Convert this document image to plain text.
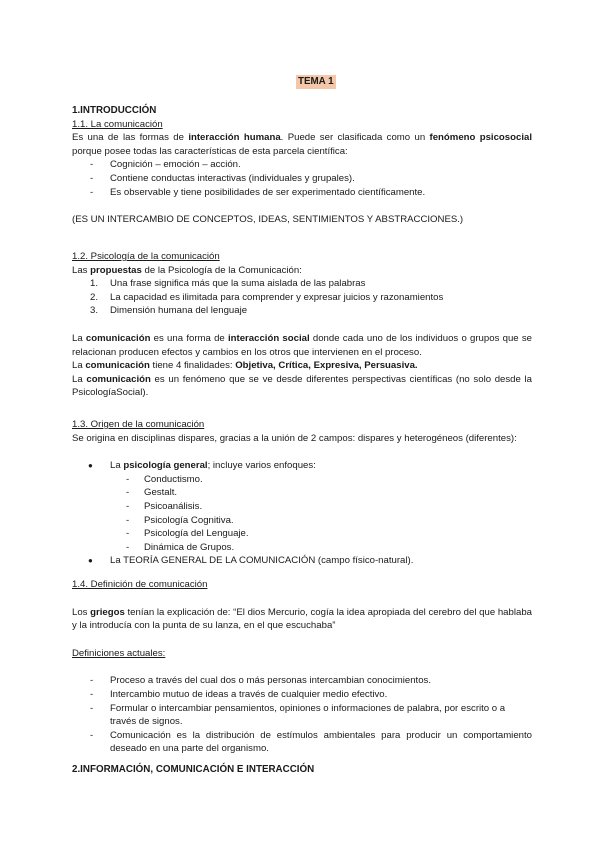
TEMA 1

1.INTRODUCCIÓN

1.1. La comunicación

Es una de las formas de interacción humana. Puede ser clasificada como un fenómeno psicosocial porque posee todas las características de esta parcela científica:

- Cognición – emoción – acción.
- Contiene conductas interactivas (individuales y grupales).
- Es observable y tiene posibilidades de ser experimentado científicamente.

(ES UN INTERCAMBIO DE CONCEPTOS, IDEAS, SENTIMIENTOS Y ABSTRACCIONES.)

1.2. Psicología de la comunicación

Las propuestas de la Psicología de la Comunicación:

1. Una frase significa más que la suma aislada de las palabras
2. La capacidad es ilimitada para comprender y expresar juicios y razonamientos
3. Dimensión humana del lenguaje

La comunicación es una forma de interacción social donde cada uno de los individuos o grupos que se relacionan producen efectos y cambios en los otros que intervienen en el proceso.

La comunicación tiene 4 finalidades: Objetiva, Crítica, Expresiva, Persuasiva.

La comunicación es un fenómeno que se ve desde diferentes perspectivas científicas (no solo desde la PsicologíaSocial).

1.3. Origen de la comunicación

Se origina en disciplinas dispares, gracias a la unión de 2 campos: dispares y heterogéneos (diferentes):

● La psicología general; incluye varios enfoques:
- Conductismo.
- Gestalt.
- Psicoanálisis.
- Psicología Cognitiva.
- Psicología del Lenguaje.
- Dinámica de Grupos.
● La TEORÍA GENERAL DE LA COMUNICACIÓN (campo físico-natural).

1.4. Definición de comunicación

Los griegos tenían la explicación de: “El dios Mercurio, cogía la idea apropiada del cerebro del que hablaba y la introducía con la punta de su lanza, en el que escuchaba”

Definiciones actuales:

- Proceso a través del cual dos o más personas intercambian conocimientos.
- Intercambio mutuo de ideas a través de cualquier medio efectivo.
- Formular o intercambiar pensamientos, opiniones o informaciones de palabra, por escrito o a través de signos.
- Comunicación es la distribución de estímulos ambientales para producir un comportamiento deseado en una parte del organismo.

2.INFORMACIÓN, COMUNICACIÓN E INTERACCIÓN
